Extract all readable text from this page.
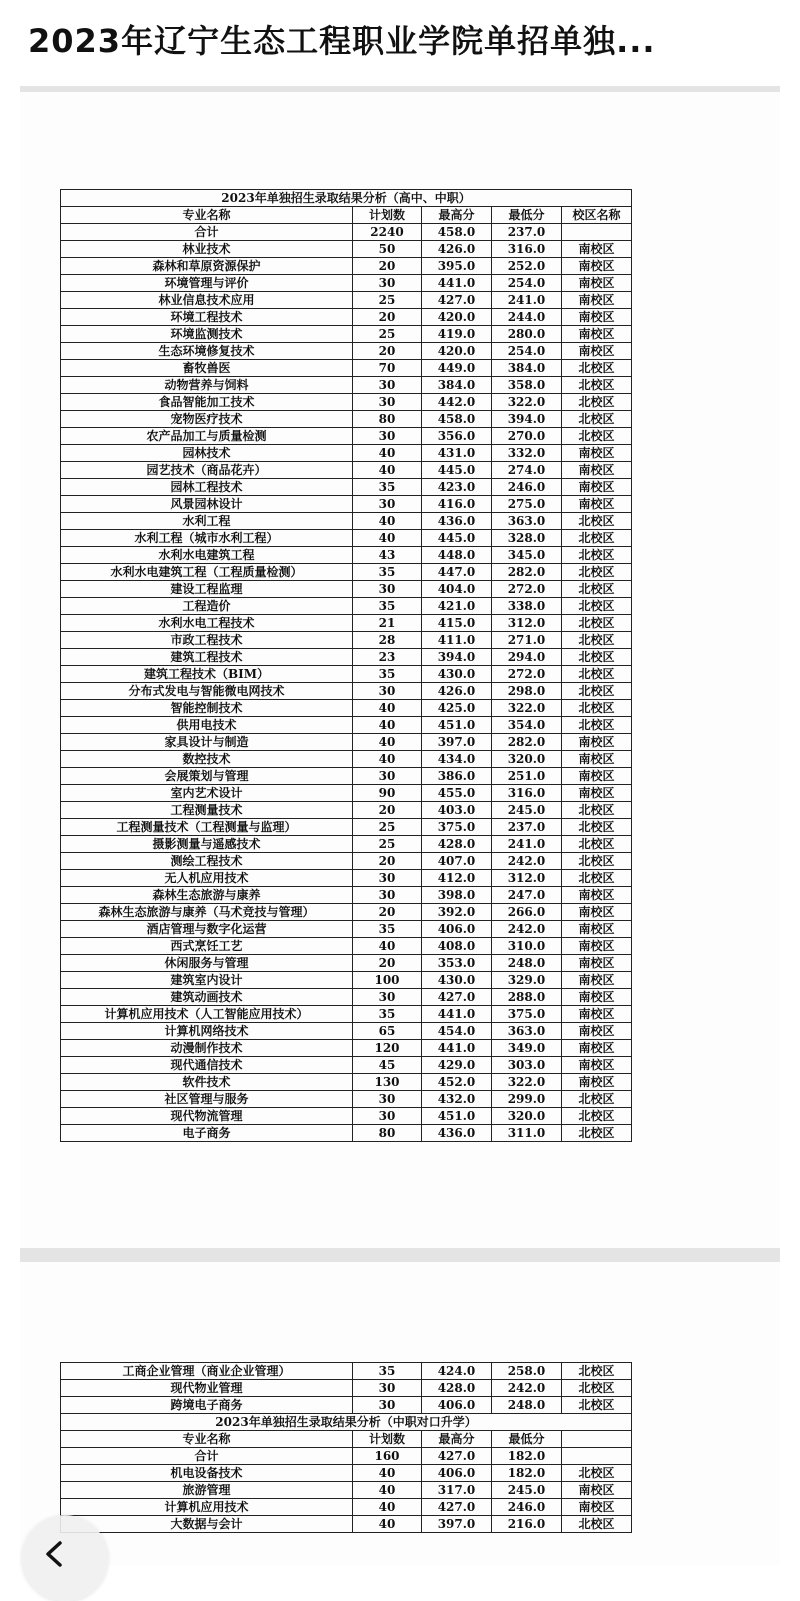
2023年辽宁生态工程职业学院单招单独...
2023年单独招生录取结果分析（高中、中职）				
专业名称	计划数	最高分	最低分	校区名称
合计	2240	458.0	237.0	
林业技术	50	426.0	316.0	南校区
森林和草原资源保护	20	395.0	252.0	南校区
环境管理与评价	30	441.0	254.0	南校区
林业信息技术应用	25	427.0	241.0	南校区
环境工程技术	20	420.0	244.0	南校区
环境监测技术	25	419.0	280.0	南校区
生态环境修复技术	20	420.0	254.0	南校区
畜牧兽医	70	449.0	384.0	北校区
动物营养与饲料	30	384.0	358.0	北校区
食品智能加工技术	30	442.0	322.0	北校区
宠物医疗技术	80	458.0	394.0	北校区
农产品加工与质量检测	30	356.0	270.0	北校区
园林技术	40	431.0	332.0	南校区
园艺技术（商品花卉）	40	445.0	274.0	南校区
园林工程技术	35	423.0	246.0	南校区
风景园林设计	30	416.0	275.0	南校区
水利工程	40	436.0	363.0	北校区
水利工程（城市水利工程）	40	445.0	328.0	北校区
水利水电建筑工程	43	448.0	345.0	北校区
水利水电建筑工程（工程质量检测）	35	447.0	282.0	北校区
建设工程监理	30	404.0	272.0	北校区
工程造价	35	421.0	338.0	北校区
水利水电工程技术	21	415.0	312.0	北校区
市政工程技术	28	411.0	271.0	北校区
建筑工程技术	23	394.0	294.0	北校区
建筑工程技术（BIM）	35	430.0	272.0	北校区
分布式发电与智能微电网技术	30	426.0	298.0	北校区
智能控制技术	40	425.0	322.0	北校区
供用电技术	40	451.0	354.0	北校区
家具设计与制造	40	397.0	282.0	南校区
数控技术	40	434.0	320.0	南校区
会展策划与管理	30	386.0	251.0	南校区
室内艺术设计	90	455.0	316.0	南校区
工程测量技术	20	403.0	245.0	北校区
工程测量技术（工程测量与监理）	25	375.0	237.0	北校区
摄影测量与遥感技术	25	428.0	241.0	北校区
测绘工程技术	20	407.0	242.0	北校区
无人机应用技术	30	412.0	312.0	北校区
森林生态旅游与康养	30	398.0	247.0	南校区
森林生态旅游与康养（马术竞技与管理）	20	392.0	266.0	南校区
酒店管理与数字化运营	35	406.0	242.0	南校区
西式烹饪工艺	40	408.0	310.0	南校区
休闲服务与管理	20	353.0	248.0	南校区
建筑室内设计	100	430.0	329.0	南校区
建筑动画技术	30	427.0	288.0	南校区
计算机应用技术（人工智能应用技术）	35	441.0	375.0	南校区
计算机网络技术	65	454.0	363.0	南校区
动漫制作技术	120	441.0	349.0	南校区
现代通信技术	45	429.0	303.0	南校区
软件技术	130	452.0	322.0	南校区
社区管理与服务	30	432.0	299.0	北校区
现代物流管理	30	451.0	320.0	北校区
电子商务	80	436.0	311.0	北校区
工商企业管理（商业企业管理）	35	424.0	258.0	北校区
现代物业管理	30	428.0	242.0	北校区
跨境电子商务	30	406.0	248.0	北校区
2023年单独招生录取结果分析（中职对口升学）				
专业名称	计划数	最高分	最低分	
合计	160	427.0	182.0	
机电设备技术	40	406.0	182.0	北校区
旅游管理	40	317.0	245.0	南校区
计算机应用技术	40	427.0	246.0	南校区
大数据与会计	40	397.0	216.0	北校区
